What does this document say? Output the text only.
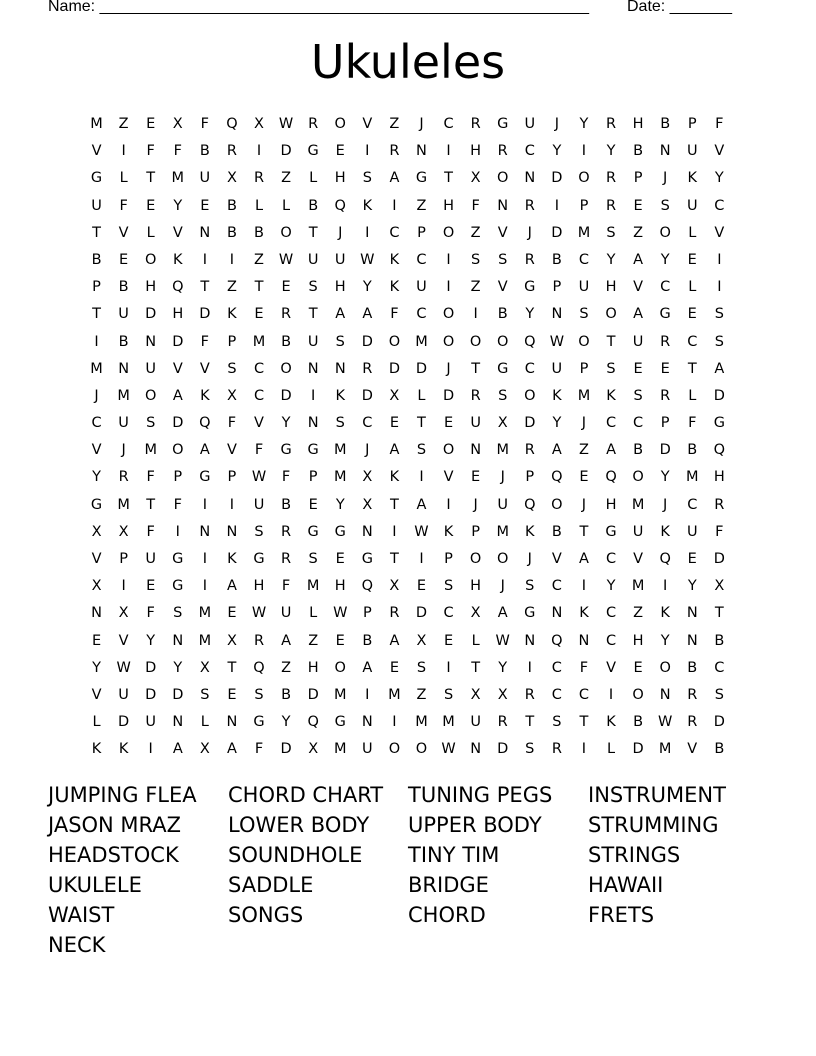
Name: _______________________________________________________ Date: _______
Ukuleles
M	Z	E	X	F	Q	X	W	R	O	V	Z	J	C	R	G	U	J	Y	R	H	B	P	F
V	I	F	F	B	R	I	D	G	E	I	R	N	I	H	R	C	Y	I	Y	B	N	U	V
G	L	T	M	U	X	R	Z	L	H	S	A	G	T	X	O	N	D	O	R	P	J	K	Y
U	F	E	Y	E	B	L	L	B	Q	K	I	Z	H	F	N	R	I	P	R	E	S	U	C
T	V	L	V	N	B	B	O	T	J	I	C	P	O	Z	V	J	D	M	S	Z	O	L	V
B	E	O	K	I	I	Z	W	U	U	W	K	C	I	S	S	R	B	C	Y	A	Y	E	I
P	B	H	Q	T	Z	T	E	S	H	Y	K	U	I	Z	V	G	P	U	H	V	C	L	I
T	U	D	H	D	K	E	R	T	A	A	F	C	O	I	B	Y	N	S	O	A	G	E	S
I	B	N	D	F	P	M	B	U	S	D	O	M	O	O	O	Q W O	T	U	R	C	S
M	N	U	V	V	S	C	O	N	N	R	D	D	J	T	G	C	U	P	S	E	E	T	A
J	M	O	A	K	X	C	D	I	K	D	X	L	D	R	S	O	K	M	K	S	R	L	D
C	U	S	D	Q	F	V	Y	N	S	C	E	T	E	U	X	D	Y	J	C	C	P	F	G
V	J	M	O	A	V	F	G	G	M	J	A	S	O	N	M	R	A	Z	A	B	D	B	Q
Y	R	F	P	G	P	W	F	P	M	X	K	I	V	E	J	P	Q	E	Q	O	Y	M	H
G	M	T	F	I	I	U	B	E	Y	X	T	A	I	J	U	Q	O	J	H	M	J	C	R
X	X	F	I	N	N	S	R	G	G	N	I	W	K	P	M	K	B	T	G	U	K	U	F
V	P	U	G	I	K	G	R	S	E	G	T	I	P	O	O	J	V	A	C	V	Q	E	D
X	I	E	G	I	A	H	F	M	H	Q	X	E	S	H	J	S	C	I	Y	M	I	Y	X
N	X	F	S	M	E	W	U	L	W	P	R	D	C	X	A	G	N	K	C	Z	K	N	T
E	V	Y	N	M	X	R	A	Z	E	B	A	X	E	L	W N	Q	N	C	H	Y	N	B
Y	W D	Y	X	T	Q	Z	H	O	A	E	S	I	T	Y	I	C	F	V	E	O	B	C
V	U	D	D	S	E	S	B	D	M	I	M	Z	S	X	X	R	C	C	I	O	N	R	S
L	D	U	N	L	N	G	Y	Q	G	N	I	M	M	U	R	T	S	T	K	B	W	R	D
K	K	I	A	X	A	F	D	X	M	U	O	O W N	D	S	R	I	L	D	M	V	B
JUMPING FLEA	CHORD CHART	TUNING PEGS	INSTRUMENT
JASON MRAZ	LOWER BODY	UPPER BODY	STRUMMING
HEADSTOCK	SOUNDHOLE	TINY TIM	STRINGS
UKULELE	SADDLE	BRIDGE	HAWAII
WAIST	SONGS	CHORD	FRETS
NECK
